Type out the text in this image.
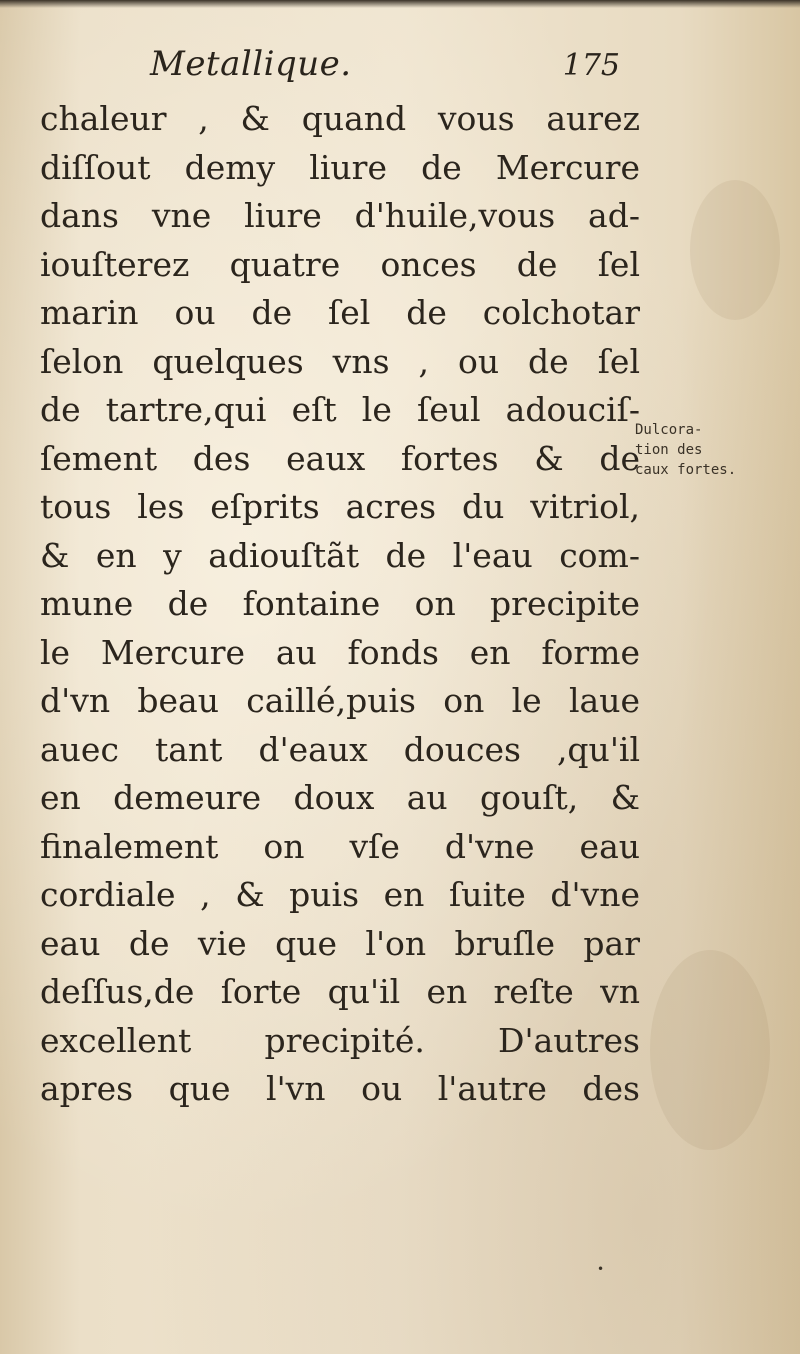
Metallique.	175
chaleur , & quand vous aurez
diſſout demy liure de Mercure
dans vne liure d'huile,vous ad-
iouſterez quatre onces de ſel
marin ou de ſel de colchotar
ſelon quelques vns , ou de ſel
de tartre,qui eſt le ſeul adouciſ-
ſement des eaux fortes & de
tous les eſprits acres du vitriol,
& en y adiouſtãt de l'eau com-
mune de fontaine on precipite
le Mercure au fonds en forme
d'vn beau caillé,puis on le laue
auec tant d'eaux douces ,qu'il
en demeure doux au gouſt, &
finalement on vſe d'vne eau
cordiale , & puis en ſuite d'vne
eau de vie que l'on bruſle par
deſſus,de ſorte qu'il en reſte vn
excellent precipité. D'autres
apres que l'vn ou l'autre des
Dulcora-
tion des
caux fortes.
•
